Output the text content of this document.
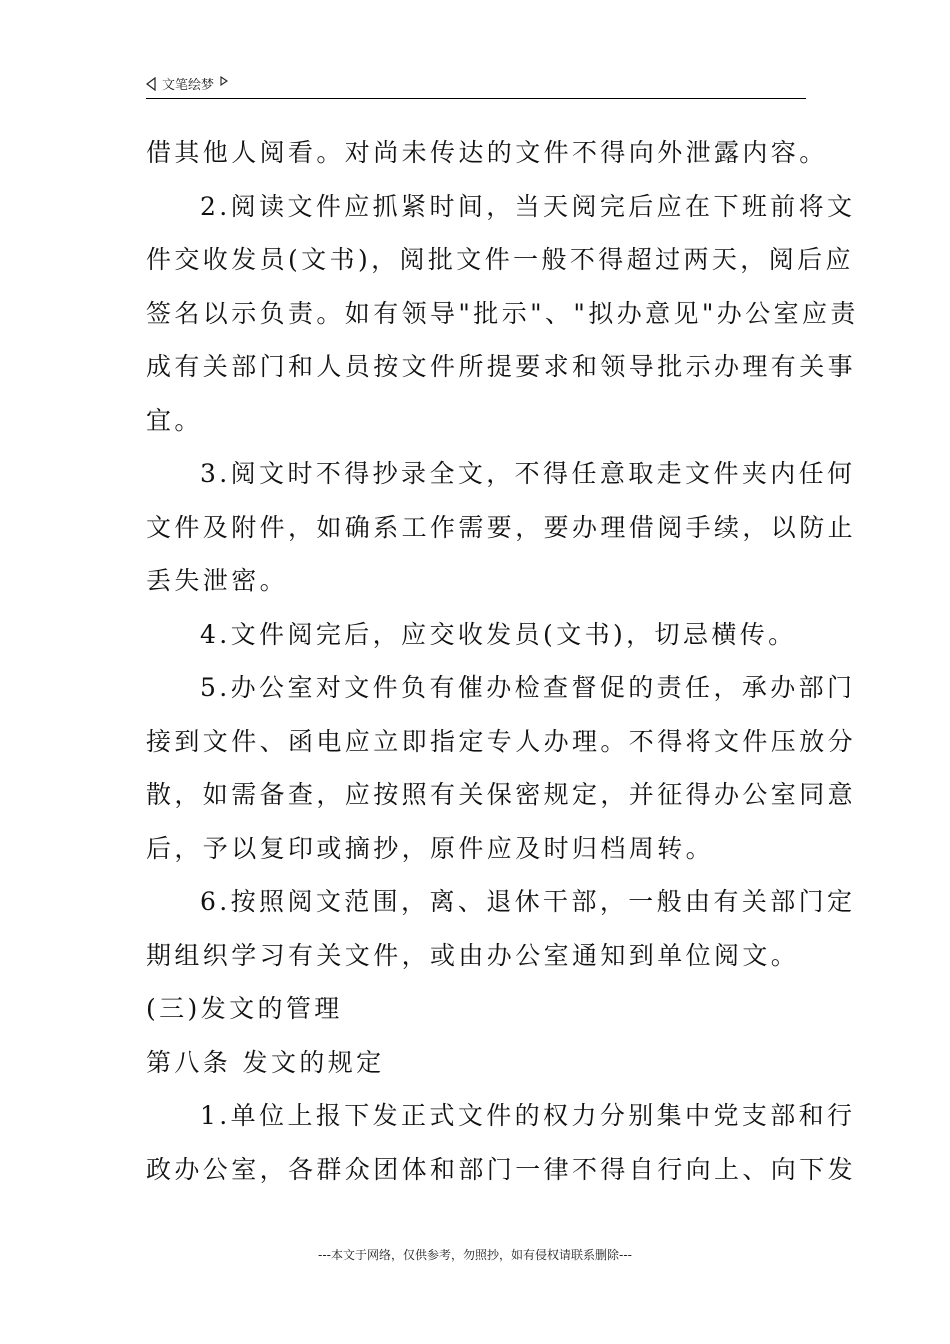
文笔绘梦
借其他人阅看。对尚未传达的文件不得向外泄露内容。
2.阅读文件应抓紧时间，当天阅完后应在下班前将文
件交收发员(文书)，阅批文件一般不得超过两天，阅后应
签名以示负责。如有领导"批示"、"拟办意见"办公室应责
成有关部门和人员按文件所提要求和领导批示办理有关事
宜。
3.阅文时不得抄录全文，不得任意取走文件夹内任何
文件及附件，如确系工作需要，要办理借阅手续，以防止
丢失泄密。
4.文件阅完后，应交收发员(文书)，切忌横传。
5.办公室对文件负有催办检查督促的责任，承办部门
接到文件、函电应立即指定专人办理。不得将文件压放分
散，如需备查，应按照有关保密规定，并征得办公室同意
后，予以复印或摘抄，原件应及时归档周转。
6.按照阅文范围，离、退休干部，一般由有关部门定
期组织学习有关文件，或由办公室通知到单位阅文。
(三)发文的管理
第八条 发文的规定
1.单位上报下发正式文件的权力分别集中党支部和行
政办公室，各群众团体和部门一律不得自行向上、向下发
---本文于网络，仅供参考，勿照抄，如有侵权请联系删除---
